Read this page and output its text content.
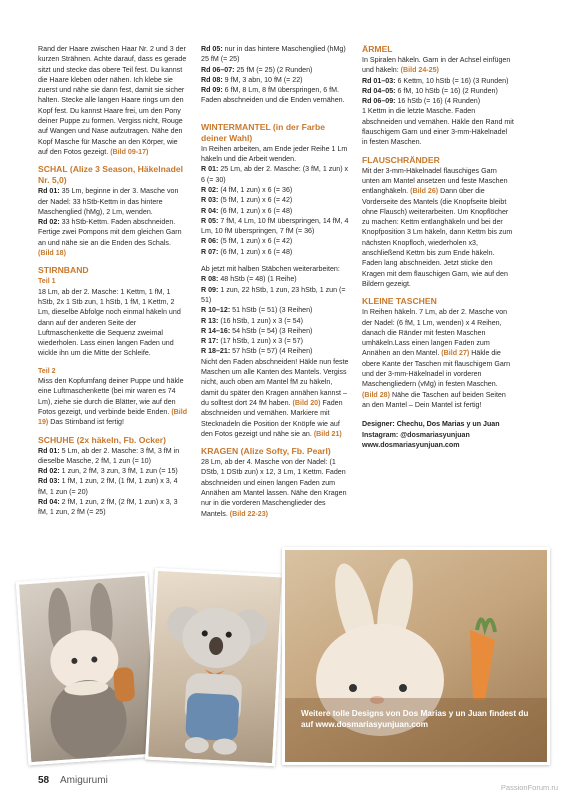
Rand der Haare zwischen Haar Nr. 2 und 3 der kurzen Strähnen. Achte darauf, dass es gerade sitzt und stecke das obere Teil fest. Du kannst die Haare kleben oder nähen. Ich klebe sie zuerst und nähe sie dann fest, damit sie sicher halten. Stecke alle langen Haare rings um den Kopf fest. Du kannst Haare frei, um den Pony deiner Puppe zu formen. Vergiss nicht, Rouge auf Wangen und Nase aufzutragen. Nähe den Kopf Masche für Masche an den Körper, wie auf den Fotos gezeigt. (Bild 09-17)

SCHAL (Alize 3 Season, Häkelnadel Nr. 5,0)

Rd 01: 35 Lm, beginne in der 3. Masche von der Nadel: 33 hStb-Kettm in das hintere Maschenglied (hMg), 2 Lm, wenden.

Rd 02: 33 hStb-Kettm. Faden abschneiden. Fertige zwei Pompons mit dem gleichen Garn an und nähe sie an die Enden des Schals. (Bild 18)

STIRNBAND

Teil 1

18 Lm, ab der 2. Masche: 1 Kettm, 1 fM, 1 hStb, 2x 1 Stb zun, 1 hStb, 1 fM, 1 Kettm, 2 Lm, dieselbe Abfolge noch einmal häkeln und dann auf der anderen Seite der Luftmaschenkette die Sequenz zweimal wiederholen. Lass einen langen Faden und wickle ihn um die Mitte der Schleife.

Teil 2

Miss den Kopfumfang deiner Puppe und häkle eine Luftmaschenkette (bei mir waren es 74 Lm), ziehe sie durch die Blätter, wie auf den Fotos gezeigt, und verbinde beide Enden. (Bild 19) Das Stirnband ist fertig!

SCHUHE (2x häkeln, Fb. Ocker)

Rd 01: 5 Lm, ab der 2. Masche: 3 fM, 3 fM in dieselbe Masche, 2 fM, 1 zun (= 10)

Rd 02: 1 zun, 2 fM, 3 zun, 3 fM, 1 zun (= 15)

Rd 03: 1 fM, 1 zun, 2 fM, (1 fM, 1 zun) x 3, 4 fM, 1 zun (= 20)

Rd 04: 2 fM, 1 zun, 2 fM, (2 fM, 1 zun) x 3, 3 fM, 1 zun, 2 fM (= 25)

Rd 05: nur in das hintere Maschenglied (hMg) 25 fM (= 25)

Rd 06–07: 25 fM (= 25) (2 Runden)

Rd 08: 9 fM, 3 abn, 10 fM (= 22)

Rd 09: 6 fM, 8 Lm, 8 fM überspringen, 6 fM.

Faden abschneiden und die Enden vernähen.

WINTERMANTEL (in der Farbe deiner Wahl)

In Reihen arbeiten, am Ende jeder Reihe 1 Lm häkeln und die Arbeit wenden.

R 01: 25 Lm, ab der 2. Masche: (3 fM, 1 zun) x 6 (= 30)

R 02: (4 fM, 1 zun) x 6 (= 36)

R 03: (5 fM, 1 zun) x 6 (= 42)

R 04: (6 fM, 1 zun) x 6 (= 48)

R 05: 7 fM, 4 Lm, 10 fM überspringen, 14 fM, 4 Lm, 10 fM überspringen, 7 fM (= 36)

R 06: (5 fM, 1 zun) x 6 (= 42)

R 07: (6 fM, 1 zun) x 6 (= 48)

Ab jetzt mit halben Stäbchen weiterarbeiten:

R 08: 48 hStb (= 48) (1 Reihe)

R 09: 1 zun, 22 hStb, 1 zun, 23 hStb, 1 zun (= 51)

R 10–12: 51 hStb (= 51) (3 Reihen)

R 13: (16 hStb, 1 zun) x 3 (= 54)

R 14–16: 54 hStb (= 54) (3 Reihen)

R 17: (17 hStb, 1 zun) x 3 (= 57)

R 18–21: 57 hStb (= 57) (4 Reihen)

Nicht den Faden abschneiden! Häkle nun feste Maschen um alle Kanten des Mantels. Vergiss nicht, auch oben am Mantel fM zu häkeln, damit du später den Kragen annähen kannst – du solltest dort 24 fM haben. (Bild 20) Faden abschneiden und vernähen. Markiere mit Stecknadeln die Position der Knöpfe wie auf den Fotos gezeigt und nähe sie an. (Bild 21)

KRAGEN (Alize Softy, Fb. Pearl)

28 Lm, ab der 4. Masche von der Nadel: (1 DStb, 1 DStb zun) x 12, 3 Lm, 1 Kettm. Faden abschneiden und einen langen Faden zum Annähen am Mantel lassen. Nähe den Kragen nur in die vorderen Maschenglieder des Mantels. (Bild 22-23)

ÄRMEL

In Spiralen häkeln. Garn in der Achsel einfügen und häkeln: (Bild 24-25)

Rd 01–03: 6 Kettm, 10 hStb (= 16) (3 Runden)

Rd 04–05: 6 fM, 10 hStb (= 16) (2 Runden)

Rd 06–09: 16 hStb (= 16) (4 Runden)

1 Kettm in die letzte Masche. Faden abschneiden und vernähen. Häkle den Rand mit flauschigem Garn und einer 3-mm-Häkelnadel in festen Maschen.

FLAUSCHRÄNDER

Mit der 3-mm-Häkelnadel flauschiges Garn unten am Mantel ansetzen und feste Maschen entlanghäkeln. (Bild 26) Dann über die Vorderseite des Mantels (die Knopfseite bleibt ohne Flausch) weiterarbeiten. Um Knopflöcher zu machen: Kettm entlanghäkeln und bei der Knopfposition 3 Lm häkeln, dann Kettm bis zum nächsten Knopfloch, wiederholen x3, anschließend Kettm bis zum Ende häkeln. Faden lang abschneiden. Jetzt sticke den Kragen mit dem flauschigen Garn, wie auf den Bildern gezeigt.

KLEINE TASCHEN

In Reihen häkeln. 7 Lm, ab der 2. Masche von der Nadel: (6 fM, 1 Lm, wenden) x 4 Reihen, danach die Ränder mit festen Maschen umhäkeln.Lass einen langen Faden zum Annähen an den Mantel. (Bild 27) Häkle die obere Kante der Taschen mit flauschigem Garn und der 3-mm-Häkelnadel in vorderen Maschengliedern (vMg) in festen Maschen. (Bild 28) Nähe die Taschen auf beiden Seiten an den Mantel – Dein Mantel ist fertig!

Designer: Chechu, Dos Marias y un Juan

Instagram: @dosmariasyunjuan

www.dosmariasyunjuan.com

Weitere tolle Designs von Dos Marias y un Juan findest du auf www.dosmariasyunjuan.com

58 Amigurumi
PassionForum.ru
